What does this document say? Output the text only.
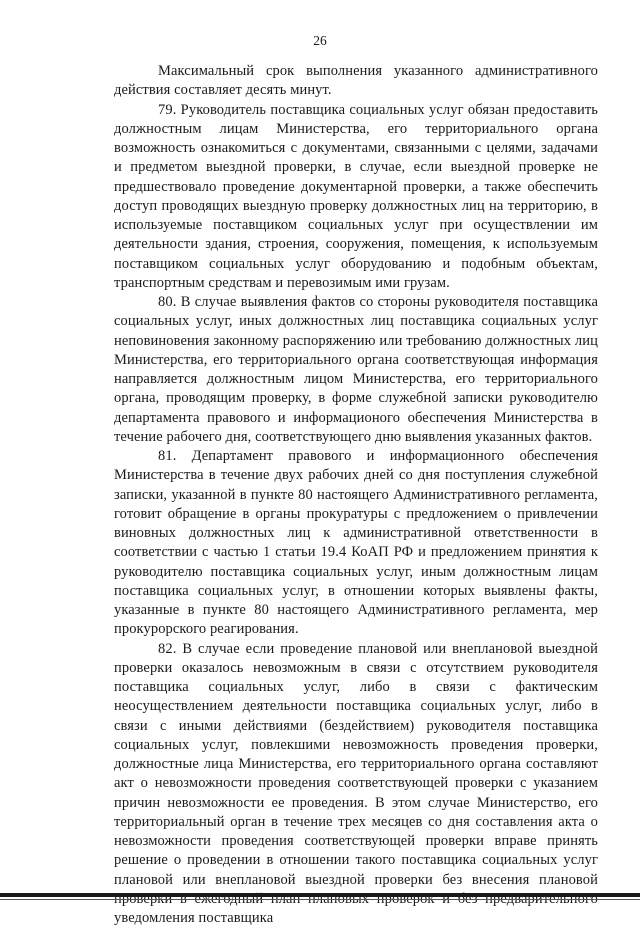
26

Максимальный срок выполнения указанного административного действия составляет десять минут.

79. Руководитель поставщика социальных услуг обязан предоставить должностным лицам Министерства, его территориального органа возможность ознакомиться с документами, связанными с целями, задачами и предметом выездной проверки, в случае, если выездной проверке не предшествовало проведение документарной проверки, а также обеспечить доступ проводящих выездную проверку должностных лиц на территорию, в используемые поставщиком социальных услуг при осуществлении им деятельности здания, строения, сооружения, помещения, к используемым поставщиком социальных услуг оборудованию и подобным объектам, транспортным средствам и перевозимым ими грузам.

80. В случае выявления фактов со стороны руководителя поставщика социальных услуг, иных должностных лиц поставщика социальных услуг неповиновения законному распоряжению или требованию должностных лиц Министерства, его территориального органа соответствующая информация направляется должностным лицом Министерства, его территориального органа, проводящим проверку, в форме служебной записки руководителю департамента правового и информационого обеспечения Министерства в течение рабочего дня, соответствующего дню выявления указанных фактов.

81. Департамент правового и информационного обеспечения Министерства в течение двух рабочих дней со дня поступления служебной записки, указанной в пункте 80 настоящего Административного регламента, готовит обращение в органы прокуратуры с предложением о привлечении виновных должностных лиц к административной ответственности в соответствии с частью 1 статьи 19.4 КоАП РФ и предложением принятия к руководителю поставщика социальных услуг, иным должностным лицам поставщика социальных услуг, в отношении которых выявлены факты, указанные в пункте 80 настоящего Административного регламента, мер прокурорского реагирования.

82. В случае если проведение плановой или внеплановой выездной проверки оказалось невозможным в связи с отсутствием руководителя поставщика социальных услуг, либо в связи с фактическим неосуществлением деятельности поставщика социальных услуг, либо в связи с иными действиями (бездействием) руководителя поставщика социальных услуг, повлекшими невозможность проведения проверки, должностные лица Министерства, его территориального органа составляют акт о невозможности проведения соответствующей проверки с указанием причин невозможности ее проведения. В этом случае Министерство, его территориальный орган в течение трех месяцев со дня составления акта о невозможности проведения соответствующей проверки вправе принять решение о проведении в отношении такого поставщика социальных услуг плановой или внеплановой выездной проверки без внесения плановой уведомления поставщика
